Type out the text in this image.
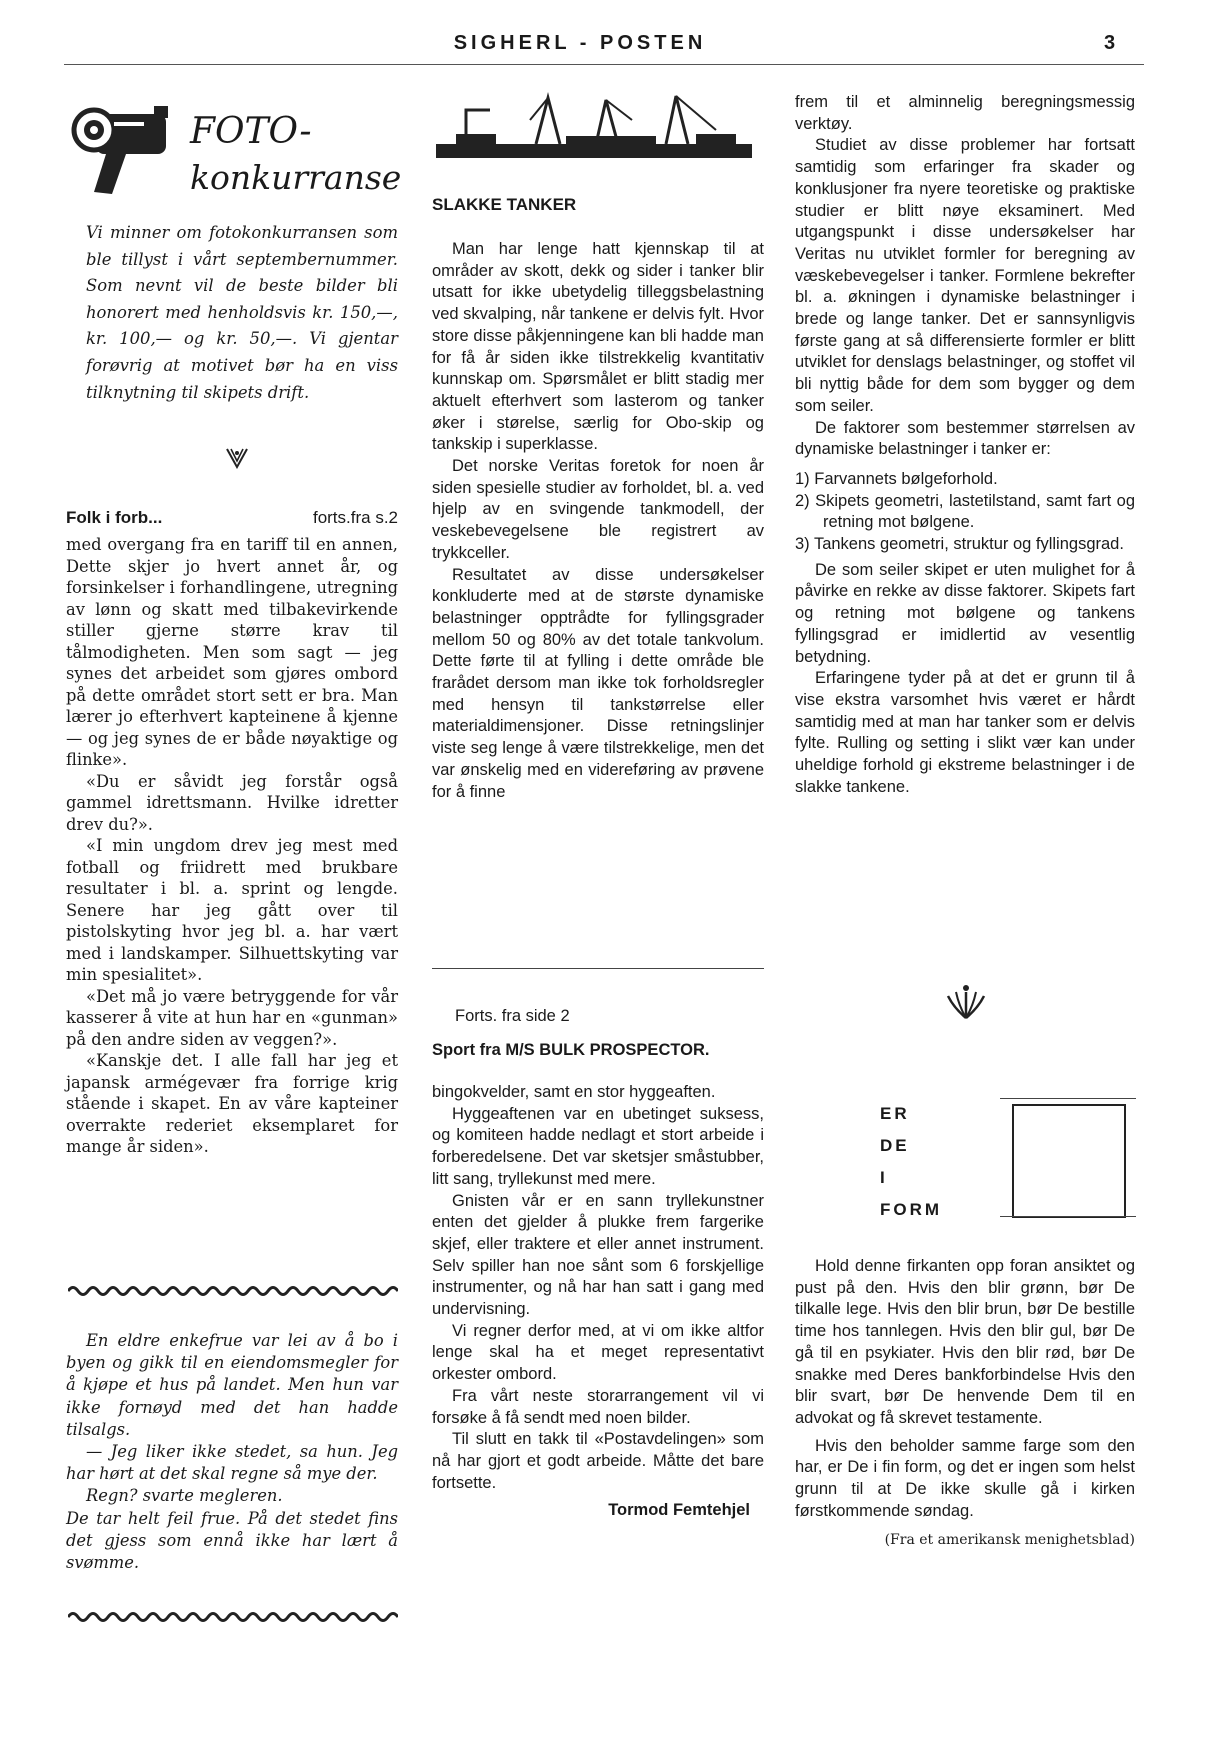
SIGHERL - POSTEN	3
FOTO-
konkurranse

Vi minner om fotokonkurransen som ble tillyst i vårt septembernummer. Som nevnt vil de beste bilder bli honorert med henholdsvis kr. 150,—, kr. 100,— og kr. 50,—. Vi gjentar forøvrig at motivet bør ha en viss tilknytning til skipets drift.

Folk i forb...	forts.fra s.2

med overgang fra en tariff til en annen, Dette skjer jo hvert annet år, og forsinkelser i forhandlingene, utregning av lønn og skatt med tilbakevirkende stiller gjerne større krav til tålmodigheten. Men som sagt — jeg synes det arbeidet som gjøres ombord på dette området stort sett er bra. Man lærer jo efterhvert kapteinene å kjenne — og jeg synes de er både nøyaktige og flinke».

«Du er såvidt jeg forstår også gammel idrettsmann. Hvilke idretter drev du?».

«I min ungdom drev jeg mest med fotball og friidrett med brukbare resultater i bl. a. sprint og lengde. Senere har jeg gått over til pistolskyting hvor jeg bl. a. har vært med i landskamper. Silhuettskyting var min spesialitet».

«Det må jo være betryggende for vår kasserer å vite at hun har en «gunman» på den andre siden av veggen?».

«Kanskje det. I alle fall har jeg et japansk armégevær fra forrige krig stående i skapet. En av våre kapteiner overrakte rederiet eksemplaret for mange år siden».

En eldre enkefrue var lei av å bo i byen og gikk til en eiendomsmegler for å kjøpe et hus på landet. Men hun var ikke fornøyd med det han hadde tilsalgs.

— Jeg liker ikke stedet, sa hun. Jeg har hørt at det skal regne så mye der.

Regn? svarte megleren.

De tar helt feil frue. På det stedet fins det gjess som ennå ikke har lært å svømme.

SLAKKE TANKER

Man har lenge hatt kjennskap til at områder av skott, dekk og sider i tanker blir utsatt for ikke ubetydelig tilleggsbelastning ved skvalping, når tankene er delvis fylt. Hvor store disse påkjenningene kan bli hadde man for få år siden ikke tilstrekkelig kvantitativ kunnskap om. Spørsmålet er blitt stadig mer aktuelt efterhvert som lasterom og tanker øker i størelse, særlig for Obo-skip og tankskip i superklasse.

Det norske Veritas foretok for noen år siden spesielle studier av forholdet, bl. a. ved hjelp av en svingende tankmodell, der veskebevegelsene ble registrert av trykkceller.

Resultatet av disse undersøkelser konkluderte med at de største dynamiske belastninger opptrådte for fyllingsgrader mellom 50 og 80% av det totale tankvolum. Dette førte til at fylling i dette område ble frarådet dersom man ikke tok forholdsregler med hensyn til tankstørrelse eller materialdimensjoner. Disse retningslinjer viste seg lenge å være tilstrekkelige, men det var ønskelig med en videreføring av prøvene for å finne

Forts. fra side 2
Sport fra M/S BULK PROSPECTOR.

bingokvelder, samt en stor hyggeaften.

Hyggeaftenen var en ubetinget suksess, og komiteen hadde nedlagt et stort arbeide i forberedelsene. Det var sketsjer småstubber, litt sang, tryllekunst med mere.

Gnisten vår er en sann tryllekunstner enten det gjelder å plukke frem fargerike skjef, eller traktere et eller annet instrument. Selv spiller han noe sånt som 6 forskjellige instrumenter, og nå har han satt i gang med undervisning.

Vi regner derfor med, at vi om ikke altfor lenge skal ha et meget representativt orkester ombord.

Fra vårt neste storarrangement vil vi forsøke å få sendt med noen bilder.

Til slutt en takk til «Postavdelingen» som nå har gjort et godt arbeide. Måtte det bare fortsette.

Tormod Femtehjel

frem til et alminnelig beregningsmessig verktøy.

Studiet av disse problemer har fortsatt samtidig som erfaringer fra skader og konklusjoner fra nyere teoretiske og praktiske studier er blitt nøye eksaminert. Med utgangspunkt i disse undersøkelser har Veritas nu utviklet formler for beregning av væskebevegelser i tanker. Formlene bekrefter bl. a. økningen i dynamiske belastninger i brede og lange tanker. Det er sannsynligvis første gang at så differensierte formler er blitt utviklet for denslags belastninger, og stoffet vil bli nyttig både for dem som bygger og dem som seiler.

De faktorer som bestemmer størrelsen av dynamiske belastninger i tanker er:

1) Farvannets bølgeforhold.

2) Skipets geometri, lastetilstand, samt fart og retning mot bølgene.

3) Tankens geometri, struktur og fyllingsgrad.

De som seiler skipet er uten mulighet for å påvirke en rekke av disse faktorer. Skipets fart og retning mot bølgene og tankens fyllingsgrad er imidlertid av vesentlig betydning.

Erfaringene tyder på at det er grunn til å vise ekstra varsomhet hvis været er hårdt samtidig med at man har tanker som er delvis fylte. Rulling og setting i slikt vær kan under uheldige forhold gi ekstreme belastninger i de slakke tankene.

ER
DE
I
FORM

Hold denne firkanten opp foran ansiktet og pust på den. Hvis den blir grønn, bør De tilkalle lege. Hvis den blir brun, bør De bestille time hos tannlegen. Hvis den blir gul, bør De gå til en psykiater. Hvis den blir rød, bør De snakke med Deres bankforbindelse Hvis den blir svart, bør De henvende Dem til en advokat og få skrevet testamente.

Hvis den beholder samme farge som den har, er De i fin form, og det er ingen som helst grunn til at De ikke skulle gå i kirken førstkommende søndag.

(Fra et amerikansk menighetsblad)
